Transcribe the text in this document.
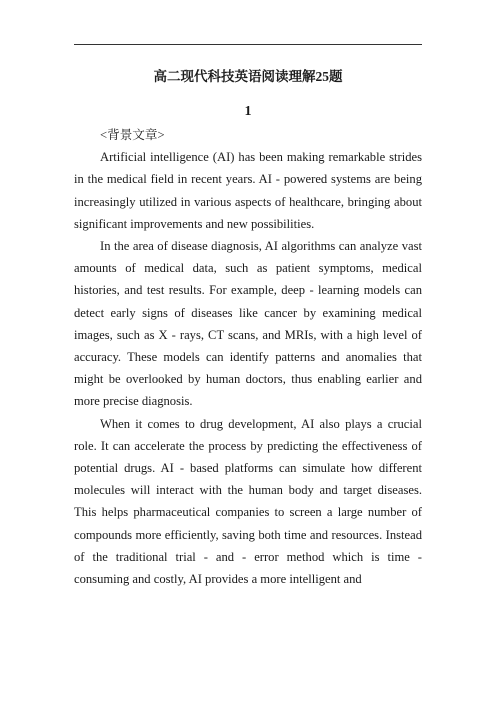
高二现代科技英语阅读理解25题
1

<背景文章>

Artificial intelligence (AI) has been making remarkable strides in the medical field in recent years. AI - powered systems are being increasingly utilized in various aspects of healthcare, bringing about significant improvements and new possibilities.

In the area of disease diagnosis, AI algorithms can analyze vast amounts of medical data, such as patient symptoms, medical histories, and test results. For example, deep - learning models can detect early signs of diseases like cancer by examining medical images, such as X - rays, CT scans, and MRIs, with a high level of accuracy. These models can identify patterns and anomalies that might be overlooked by human doctors, thus enabling earlier and more precise diagnosis.

When it comes to drug development, AI also plays a crucial role. It can accelerate the process by predicting the effectiveness of potential drugs. AI - based platforms can simulate how different molecules will interact with the human body and target diseases. This helps pharmaceutical companies to screen a large number of compounds more efficiently, saving both time and resources. Instead of the traditional trial - and - error method which is time - consuming and costly, AI provides a more intelligent and
